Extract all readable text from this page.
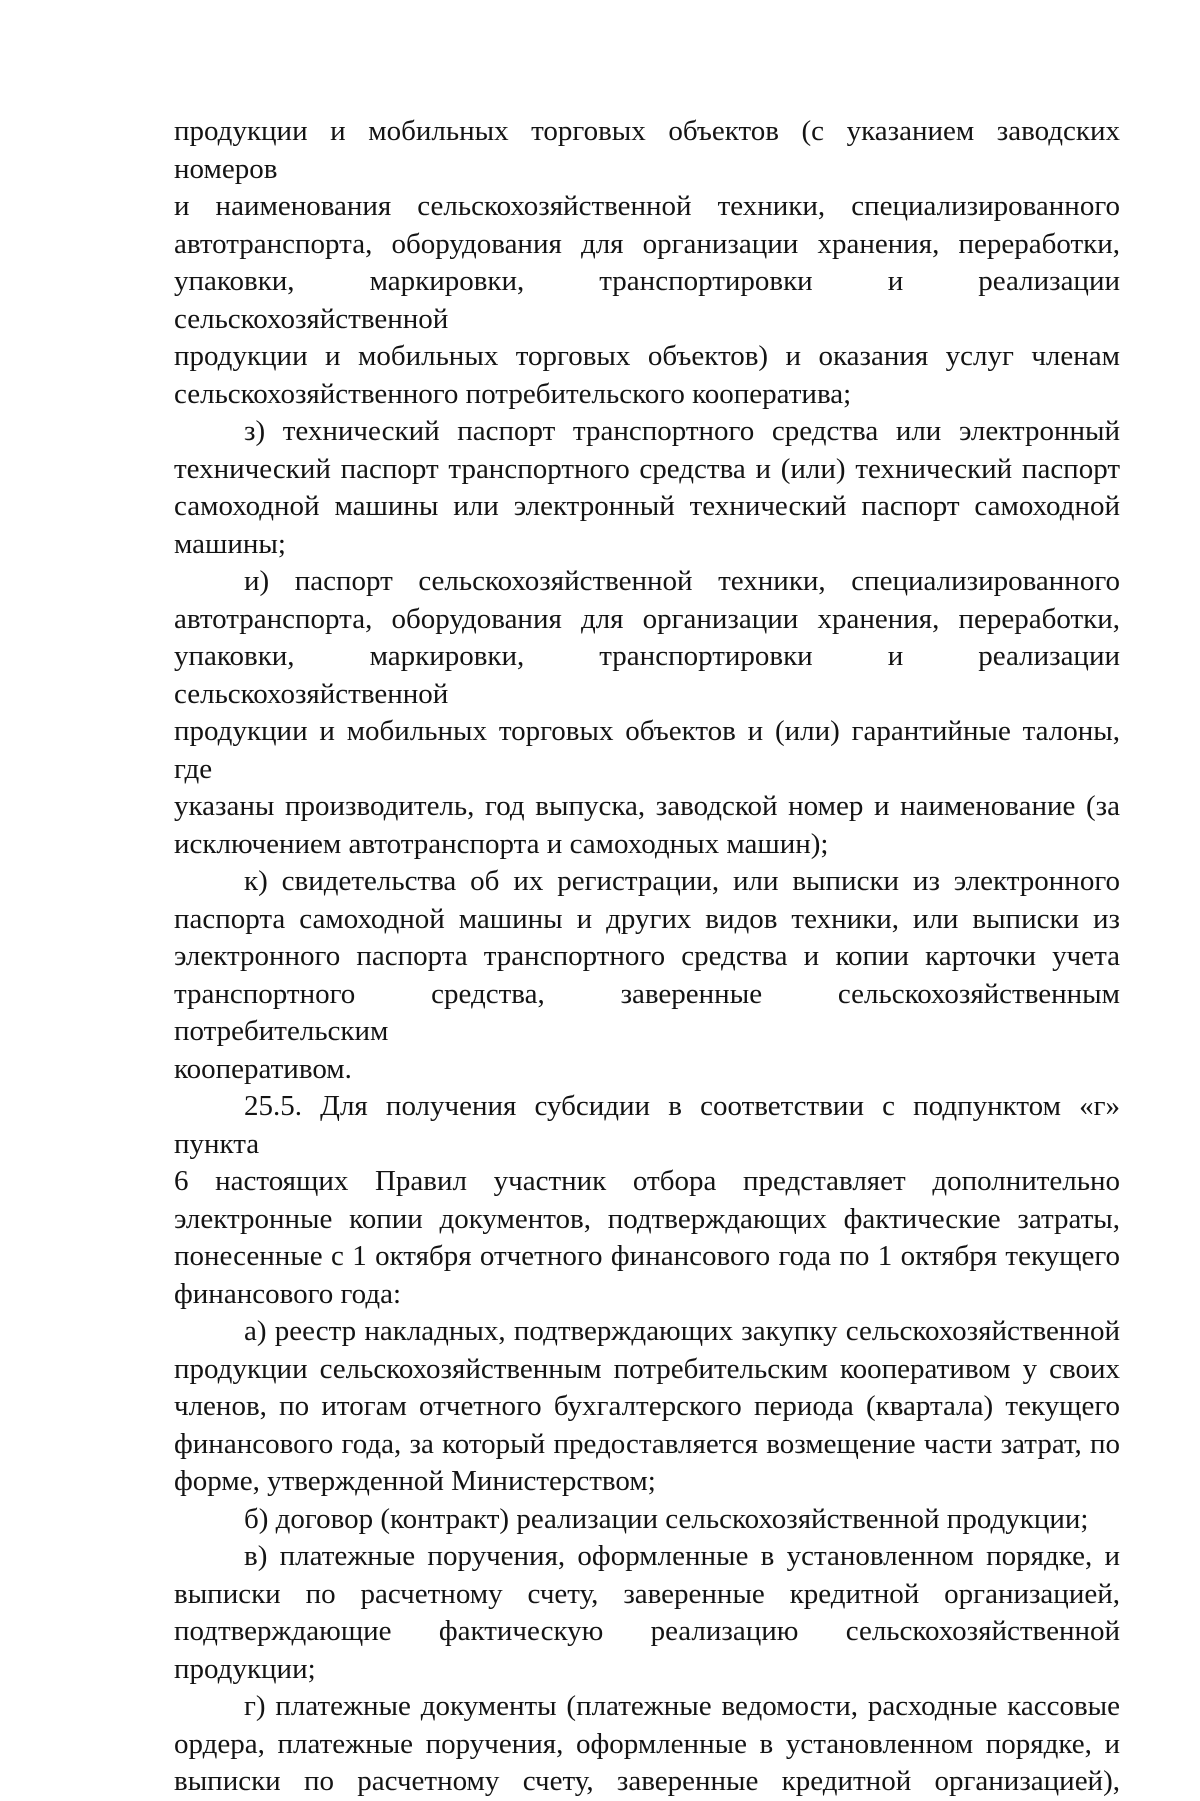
продукции и мобильных торговых объектов (с указанием заводских номеров
и наименования сельскохозяйственной техники, специализированного
автотранспорта, оборудования для организации хранения, переработки,
упаковки, маркировки, транспортировки и реализации сельскохозяйственной
продукции и мобильных торговых объектов) и оказания услуг членам
сельскохозяйственного потребительского кооператива;
з) технический паспорт транспортного средства или электронный
технический паспорт транспортного средства и (или) технический паспорт
самоходной машины или электронный технический паспорт самоходной
машины;
и) паспорт сельскохозяйственной техники, специализированного
автотранспорта, оборудования для организации хранения, переработки,
упаковки, маркировки, транспортировки и реализации сельскохозяйственной
продукции и мобильных торговых объектов и (или) гарантийные талоны, где
указаны производитель, год выпуска, заводской номер и наименование (за
исключением автотранспорта и самоходных машин);
к) свидетельства об их регистрации, или выписки из электронного
паспорта самоходной машины и других видов техники, или выписки из
электронного паспорта транспортного средства и копии карточки учета
транспортного средства, заверенные сельскохозяйственным потребительским
кооперативом.
25.5. Для получения субсидии в соответствии с подпунктом «г» пункта
6 настоящих Правил участник отбора представляет дополнительно
электронные копии документов, подтверждающих фактические затраты,
понесенные с 1 октября отчетного финансового года по 1 октября текущего
финансового года:
а) реестр накладных, подтверждающих закупку сельскохозяйственной
продукции сельскохозяйственным потребительским кооперативом у своих
членов, по итогам отчетного бухгалтерского периода (квартала) текущего
финансового года, за который предоставляется возмещение части затрат, по
форме, утвержденной Министерством;
б) договор (контракт) реализации сельскохозяйственной продукции;
в) платежные поручения, оформленные в установленном порядке, и
выписки по расчетному счету, заверенные кредитной организацией,
подтверждающие фактическую реализацию сельскохозяйственной
продукции;
г) платежные документы (платежные ведомости, расходные кассовые
ордера, платежные поручения, оформленные в установленном порядке, и
выписки по расчетному счету, заверенные кредитной организацией),
